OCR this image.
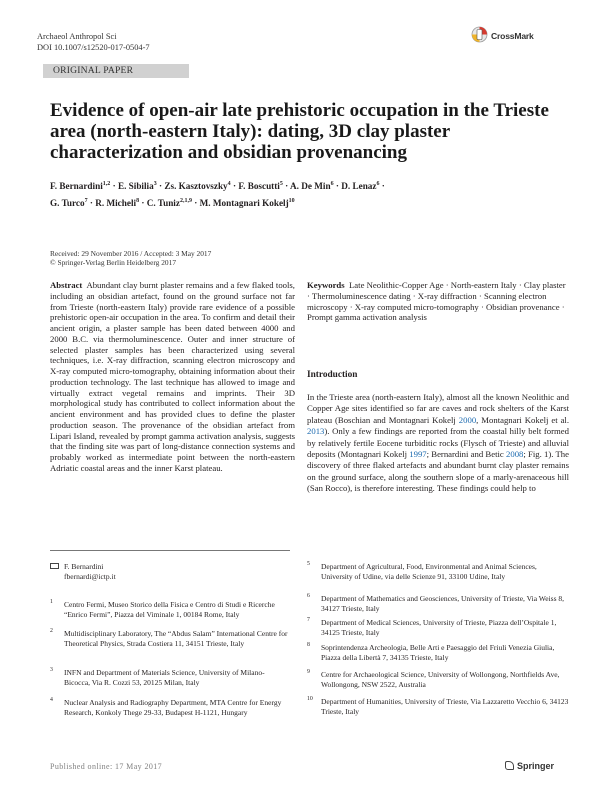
Archaeol Anthropol Sci
DOI 10.1007/s12520-017-0504-7
CrossMark
ORIGINAL PAPER
Evidence of open-air late prehistoric occupation in the Trieste area (north-eastern Italy): dating, 3D clay plaster characterization and obsidian provenancing
F. Bernardini$^{1,2}$ · E. Sibilia$^3$ · Zs. Kasztovszky$^4$ · F. Boscutti$^5$ · A. De Min$^6$ · D. Lenaz$^6$ ·
G. Turco$^7$ · R. Micheli$^8$ · C. Tuniz$^{2,1,9}$ · M. Montagnari Kokelj$^{10}$
Received: 29 November 2016 / Accepted: 3 May 2017
© Springer-Verlag Berlin Heidelberg 2017
Abstract Abundant clay burnt plaster remains and a few flaked tools, including an obsidian artefact, found on the ground surface not far from Trieste (north-eastern Italy) provide rare evidence of a possible prehistoric open-air occupation in the area. To confirm and detail their ancient origin, a plaster sample has been dated between 4000 and 2000 B.C. via thermoluminescence. Outer and inner structure of selected plaster samples has been characterized using several techniques, i.e. X-ray diffraction, scanning electron microscopy and X-ray computed micro-tomography, obtaining information about their production technology. The last technique has allowed to image and virtually extract vegetal remains and imprints. Their 3D morphological study has contributed to collect information about the ancient environment and has provided clues to define the plaster production season. The provenance of the obsidian artefact from Lipari Island, revealed by prompt gamma activation analysis, suggests that the finding site was part of long-distance connection systems and probably worked as intermediate point between the north-eastern Adriatic coastal areas and the inner Karst plateau.
Keywords Late Neolithic-Copper Age · North-eastern Italy · Clay plaster · Thermoluminescence dating · X-ray diffraction · Scanning electron microscopy · X-ray computed micro-tomography · Obsidian provenance · Prompt gamma activation analysis
Introduction
In the Trieste area (north-eastern Italy), almost all the known Neolithic and Copper Age sites identified so far are caves and rock shelters of the Karst plateau (Boschian and Montagnari Kokelj 2000, Montagnari Kokelj et al. 2013). Only a few findings are reported from the coastal hilly belt formed by relatively fertile Eocene turbiditic rocks (Flysch of Trieste) and alluvial deposits (Montagnari Kokelj 1997; Bernardini and Betic 2008; Fig. 1). The discovery of three flaked artefacts and abundant burnt clay plaster remains on the ground surface, along the southern slope of a marly-arenaceous hill (San Rocco), is therefore interesting. These findings could help to
F. Bernardini
fbernardi@ictp.it
1 Centro Fermi, Museo Storico della Fisica e Centro di Studi e Ricerche “Enrico Fermi”, Piazza del Viminale 1, 00184 Rome, Italy
2 Multidisciplinary Laboratory, The “Abdus Salam” International Centre for Theoretical Physics, Strada Costiera 11, 34151 Trieste, Italy
3 INFN and Department of Materials Science, University of Milano-Bicocca, Via R. Cozzi 53, 20125 Milan, Italy
4 Nuclear Analysis and Radiography Department, MTA Centre for Energy Research, Konkoly Thege 29-33, Budapest H-1121, Hungary
5 Department of Agricultural, Food, Environmental and Animal Sciences, University of Udine, via delle Scienze 91, 33100 Udine, Italy
6 Department of Mathematics and Geosciences, University of Trieste, Via Weiss 8, 34127 Trieste, Italy
7 Department of Medical Sciences, University of Trieste, Piazza dell’Ospitale 1, 34125 Trieste, Italy
8 Soprintendenza Archeologia, Belle Arti e Paesaggio del Friuli Venezia Giulia, Piazza della Libertà 7, 34135 Trieste, Italy
9 Centre for Archaeological Science, University of Wollongong, Northfields Ave, Wollongong, NSW 2522, Australia
10 Department of Humanities, University of Trieste, Via Lazzaretto Vecchio 6, 34123 Trieste, Italy
Published online: 17 May 2017	Springer
